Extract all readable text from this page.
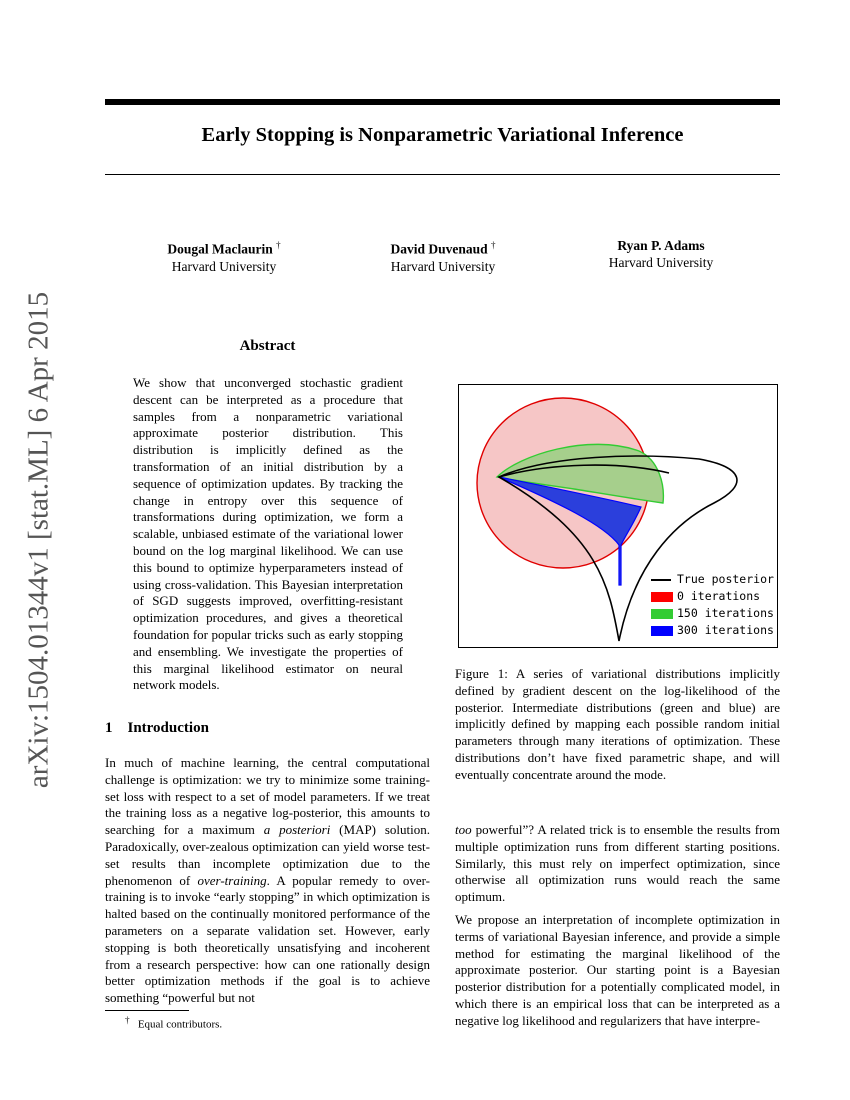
arXiv:1504.01344v1 [stat.ML] 6 Apr 2015
Early Stopping is Nonparametric Variational Inference
Dougal Maclaurin †
Harvard University
David Duvenaud †
Harvard University
Ryan P. Adams
Harvard University
Abstract
We show that unconverged stochastic gradient descent can be interpreted as a procedure that samples from a nonparametric variational approximate posterior distribution. This distribution is implicitly defined as the transformation of an initial distribution by a sequence of optimization updates. By tracking the change in entropy over this sequence of transformations during optimization, we form a scalable, unbiased estimate of the variational lower bound on the log marginal likelihood. We can use this bound to optimize hyperparameters instead of using cross-validation. This Bayesian interpretation of SGD suggests improved, overfitting-resistant optimization procedures, and gives a theoretical foundation for popular tricks such as early stopping and ensembling. We investigate the properties of this marginal likelihood estimator on neural network models.
1 Introduction
In much of machine learning, the central computational challenge is optimization: we try to minimize some training-set loss with respect to a set of model parameters. If we treat the training loss as a negative log-posterior, this amounts to searching for a maximum a posteriori (MAP) solution. Paradoxically, over-zealous optimization can yield worse test-set results than incomplete optimization due to the phenomenon of over-training. A popular remedy to over-training is to invoke “early stopping” in which optimization is halted based on the continually monitored performance of the parameters on a separate validation set. However, early stopping is both theoretically unsatisfying and incoherent from a research perspective: how can one rationally design better optimization methods if the goal is to achieve something “powerful but not
† Equal contributors.
True posterior
0 iterations
150 iterations
300 iterations
Figure 1: A series of variational distributions implicitly defined by gradient descent on the log-likelihood of the posterior. Intermediate distributions (green and blue) are implicitly defined by mapping each possible random initial parameters through many iterations of optimization. These distributions don’t have fixed parametric shape, and will eventually concentrate around the mode.
too powerful”? A related trick is to ensemble the results from multiple optimization runs from different starting positions. Similarly, this must rely on imperfect optimization, since otherwise all optimization runs would reach the same optimum.
We propose an interpretation of incomplete optimization in terms of variational Bayesian inference, and provide a simple method for estimating the marginal likelihood of the approximate posterior. Our starting point is a Bayesian posterior distribution for a potentially complicated model, in which there is an empirical loss that can be interpreted as a negative log likelihood and regularizers that have interpre-
